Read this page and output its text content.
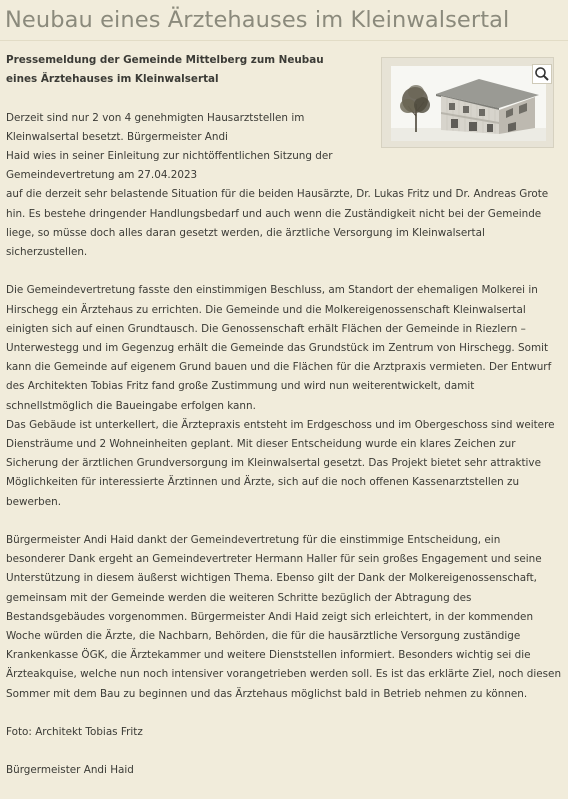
Neubau eines Ärztehauses im Kleinwalsertal

Pressemeldung der Gemeinde Mittelberg zum Neubau eines Ärztehauses im Kleinwalsertal

Derzeit sind nur 2 von 4 genehmigten Hausarztstellen im Kleinwalsertal besetzt. Bürgermeister Andi

Haid wies in seiner Einleitung zur nichtöffentlichen Sitzung der Gemeindevertretung am 27.04.2023

auf die derzeit sehr belastende Situation für die beiden Hausärzte, Dr. Lukas Fritz und Dr. Andreas Grote hin. Es bestehe dringender Handlungsbedarf und auch wenn die Zuständigkeit nicht bei der Gemeinde liege, so müsse doch alles daran gesetzt werden, die ärztliche Versorgung im Kleinwalsertal sicherzustellen.

Die Gemeindevertretung fasste den einstimmigen Beschluss, am Standort der ehemaligen Molkerei in Hirschegg ein Ärztehaus zu errichten. Die Gemeinde und die Molkereigenossenschaft Kleinwalsertal einigten sich auf einen Grundtausch. Die Genossenschaft erhält Flächen der Gemeinde in Riezlern – Unterwestegg und im Gegenzug erhält die Gemeinde das Grundstück im Zentrum von Hirschegg. Somit kann die Gemeinde auf eigenem Grund bauen und die Flächen für die Arztpraxis vermieten. Der Entwurf des Architekten Tobias Fritz fand große Zustimmung und wird nun weiterentwickelt, damit schnellstmöglich die Baueingabe erfolgen kann.

Das Gebäude ist unterkellert, die Ärztepraxis entsteht im Erdgeschoss und im Obergeschoss sind weitere Diensträume und 2 Wohneinheiten geplant. Mit dieser Entscheidung wurde ein klares Zeichen zur Sicherung der ärztlichen Grundversorgung im Kleinwalsertal gesetzt. Das Projekt bietet sehr attraktive Möglichkeiten für interessierte Ärztinnen und Ärzte, sich auf die noch offenen Kassenarztstellen zu bewerben.

Bürgermeister Andi Haid dankt der Gemeindevertretung für die einstimmige Entscheidung, ein besonderer Dank ergeht an Gemeindevertreter Hermann Haller für sein großes Engagement und seine Unterstützung in diesem äußerst wichtigen Thema. Ebenso gilt der Dank der Molkereigenossenschaft, gemeinsam mit der Gemeinde werden die weiteren Schritte bezüglich der Abtragung des Bestandsgebäudes vorgenommen. Bürgermeister Andi Haid zeigt sich erleichtert, in der kommenden Woche würden die Ärzte, die Nachbarn, Behörden, die für die hausärztliche Versorgung zuständige Krankenkasse ÖGK, die Ärztekammer und weitere Dienststellen informiert. Besonders wichtig sei die Ärzteakquise, welche nun noch intensiver vorangetrieben werden soll. Es ist das erklärte Ziel, noch diesen Sommer mit dem Bau zu beginnen und das Ärztehaus möglichst bald in Betrieb nehmen zu können.

Foto: Architekt Tobias Fritz

Bürgermeister Andi Haid
